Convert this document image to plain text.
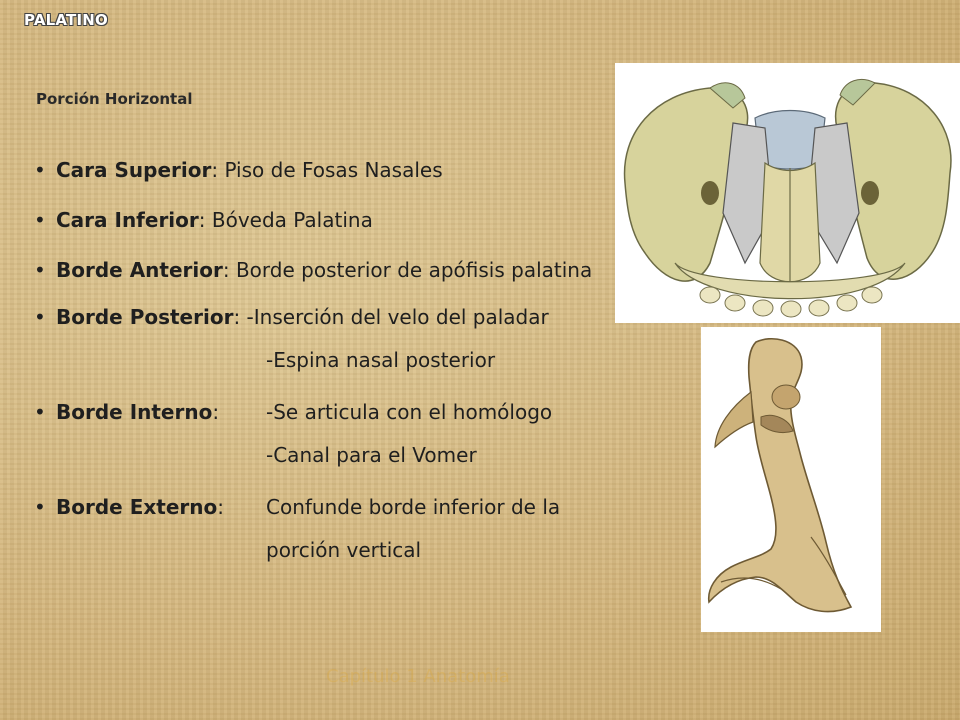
PALATINO
Porción Horizontal
• Cara Superior: Piso de Fosas Nasales
• Cara Inferior: Bóveda Palatina
• Borde Anterior: Borde posterior de apófisis palatina
• Borde Posterior: -Inserción del velo del paladar
-Espina nasal posterior
• Borde Interno: -Se articula con el homólogo
-Canal para el Vomer
• Borde Externo: Confunde borde inferior de la
porción vertical
Capítulo 1 Anatomía
